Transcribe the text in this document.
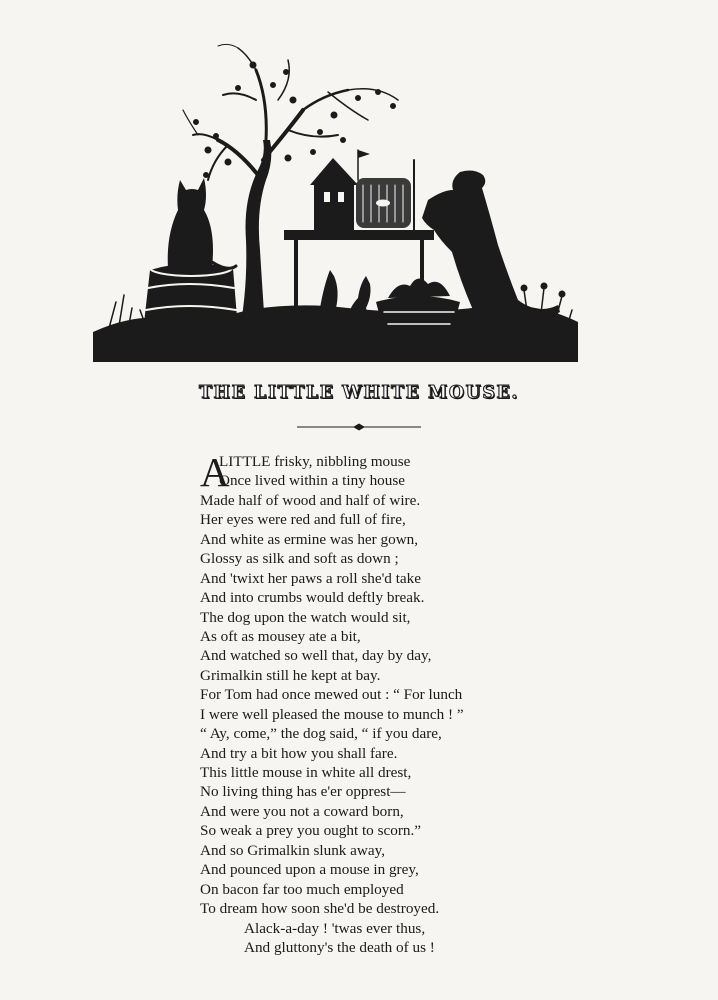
THE LITTLE WHITE MOUSE.
A
LITTLE frisky, nibbling mouse
Once lived within a tiny house
Made half of wood and half of wire.
Her eyes were red and full of fire,
And white as ermine was her gown,
Glossy as silk and soft as down ;
And 'twixt her paws a roll she'd take
And into crumbs would deftly break.
The dog upon the watch would sit,
As oft as mousey ate a bit,
And watched so well that, day by day,
Grimalkin still he kept at bay.
For Tom had once mewed out : “ For lunch
I were well pleased the mouse to munch ! ”
“ Ay, come,” the dog said, “ if you dare,
And try a bit how you shall fare.
This little mouse in white all drest,
No living thing has e'er opprest—
And were you not a coward born,
So weak a prey you ought to scorn.”
And so Grimalkin slunk away,
And pounced upon a mouse in grey,
On bacon far too much employed
To dream how soon she'd be destroyed.
Alack-a-day ! 'twas ever thus,
And gluttony's the death of us !
